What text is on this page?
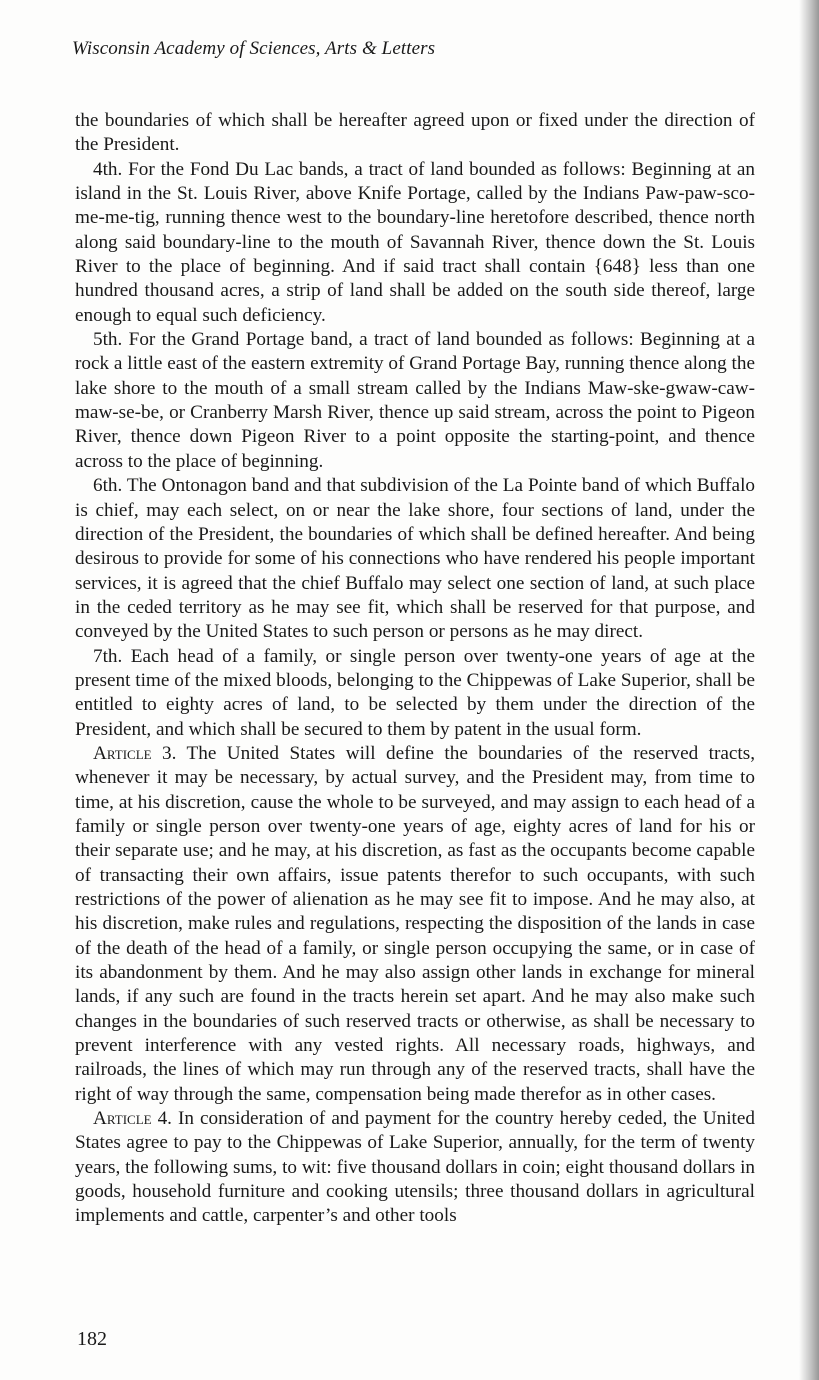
Wisconsin Academy of Sciences, Arts & Letters

the boundaries of which shall be hereafter agreed upon or fixed under the direction of the President.

4th. For the Fond Du Lac bands, a tract of land bounded as follows: Beginning at an island in the St. Louis River, above Knife Portage, called by the Indians Paw-paw-sco-me-me-tig, running thence west to the boundary-line heretofore described, thence north along said boundary-line to the mouth of Savannah River, thence down the St. Louis River to the place of beginning. And if said tract shall contain {648} less than one hundred thousand acres, a strip of land shall be added on the south side thereof, large enough to equal such deficiency.

5th. For the Grand Portage band, a tract of land bounded as follows: Beginning at a rock a little east of the eastern extremity of Grand Portage Bay, running thence along the lake shore to the mouth of a small stream called by the Indians Maw-ske-gwaw-caw-maw-se-be, or Cranberry Marsh River, thence up said stream, across the point to Pigeon River, thence down Pigeon River to a point opposite the starting-point, and thence across to the place of beginning.

6th. The Ontonagon band and that subdivision of the La Pointe band of which Buffalo is chief, may each select, on or near the lake shore, four sections of land, under the direction of the President, the boundaries of which shall be defined hereafter. And being desirous to provide for some of his connections who have rendered his people important services, it is agreed that the chief Buffalo may select one section of land, at such place in the ceded territory as he may see fit, which shall be reserved for that purpose, and conveyed by the United States to such person or persons as he may direct.

7th. Each head of a family, or single person over twenty-one years of age at the present time of the mixed bloods, belonging to the Chippewas of Lake Superior, shall be entitled to eighty acres of land, to be selected by them under the direction of the President, and which shall be secured to them by patent in the usual form.

Article 3. The United States will define the boundaries of the reserved tracts, whenever it may be necessary, by actual survey, and the President may, from time to time, at his discretion, cause the whole to be surveyed, and may assign to each head of a family or single person over twenty-one years of age, eighty acres of land for his or their separate use; and he may, at his discretion, as fast as the occupants become capable of transacting their own affairs, issue patents therefor to such occupants, with such restrictions of the power of alienation as he may see fit to impose. And he may also, at his discretion, make rules and regulations, respecting the disposition of the lands in case of the death of the head of a family, or single person occupying the same, or in case of its abandonment by them. And he may also assign other lands in exchange for mineral lands, if any such are found in the tracts herein set apart. And he may also make such changes in the boundaries of such reserved tracts or otherwise, as shall be necessary to prevent interference with any vested rights. All necessary roads, highways, and railroads, the lines of which may run through any of the reserved tracts, shall have the right of way through the same, compensation being made therefor as in other cases.

Article 4. In consideration of and payment for the country hereby ceded, the United States agree to pay to the Chippewas of Lake Superior, annually, for the term of twenty years, the following sums, to wit: five thousand dollars in coin; eight thousand dollars in goods, household furniture and cooking utensils; three thousand dollars in agricultural implements and cattle, carpenter’s and other tools

182
